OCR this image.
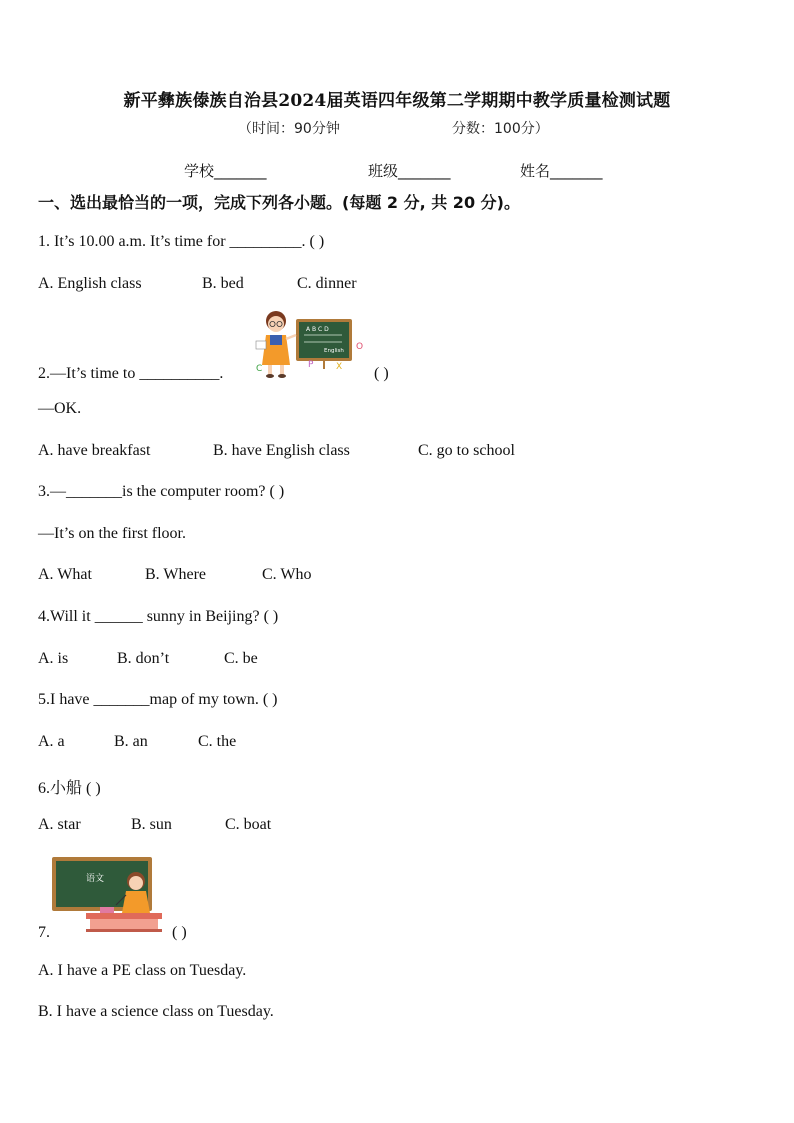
新平彝族傣族自治县2024届英语四年级第二学期期中教学质量检测试题
（时间：90分钟	分数：100分）
学校_______	班级_______	姓名_______
一、选出最恰当的一项，完成下列各小题。(每题 2 分, 共 20 分)。
1. It’s 10.00 a.m. It’s time for _________. ( )
A. English class	B. bed	C. dinner
A B C D
English
C	P	X
O
2.—It’s time to __________.	( )
—OK.
A. have breakfast	B. have English class	C. go to school
3.—_______is the computer room? ( )
—It’s on the first floor.
A. What	B. Where	C. Who
4.Will it ______ sunny in Beijing? ( )
A. is	B. don’t	C. be
5.I have _______map of my town. ( )
A. a	B. an	C. the
6.小船 ( )
A. star	B. sun	C. boat
语文
7.	( )
A. I have a PE class on Tuesday.
B. I have a science class on Tuesday.
